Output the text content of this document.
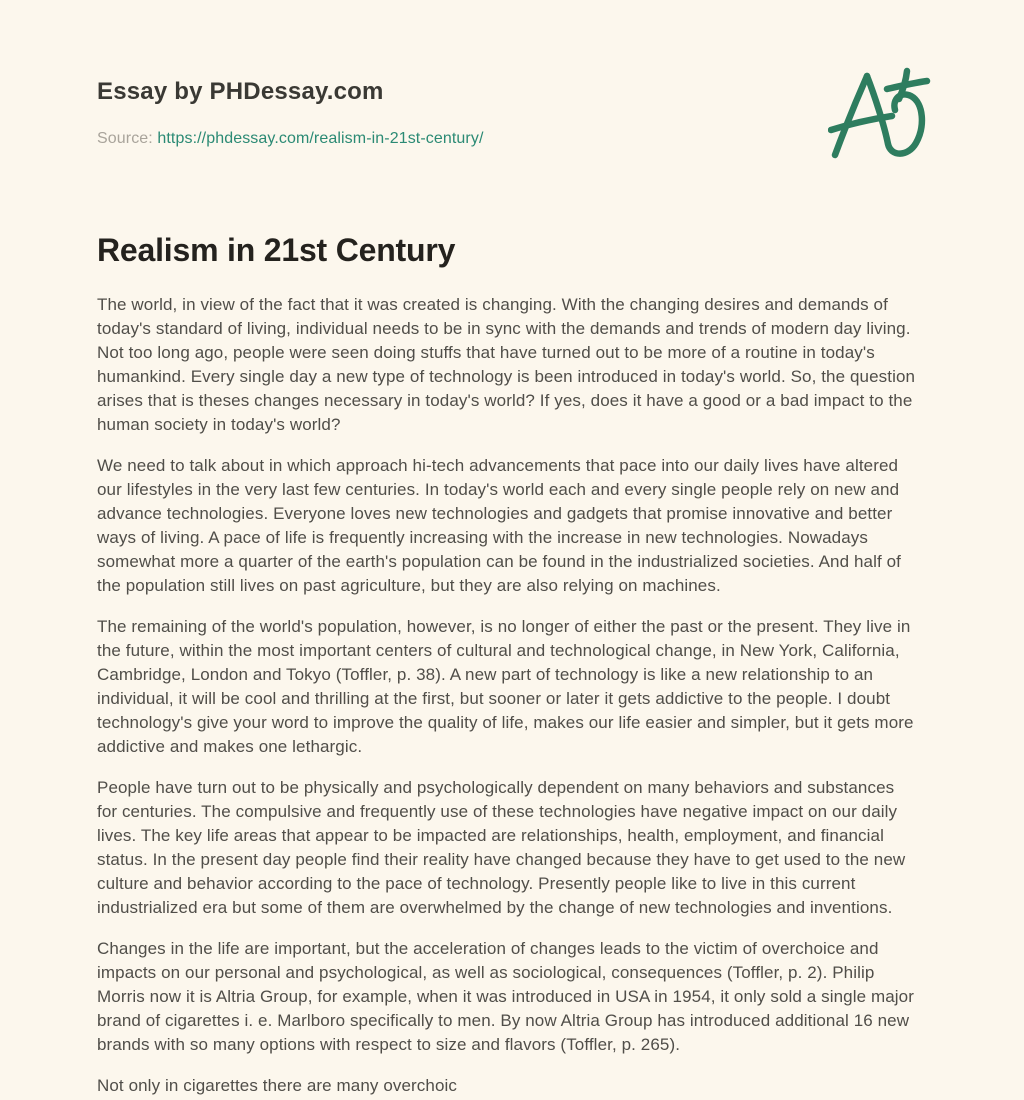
Essay by PHDessay.com
Source: https://phdessay.com/realism-in-21st-century/
Realism in 21st Century

The world, in view of the fact that it was created is changing. With the changing desires and demands of today's standard of living, individual needs to be in sync with the demands and trends of modern day living. Not too long ago, people were seen doing stuffs that have turned out to be more of a routine in today's humankind. Every single day a new type of technology is been introduced in today's world. So, the question arises that is theses changes necessary in today's world? If yes, does it have a good or a bad impact to the human society in today's world?

We need to talk about in which approach hi-tech advancements that pace into our daily lives have altered our lifestyles in the very last few centuries. In today's world each and every single people rely on new and advance technologies. Everyone loves new technologies and gadgets that promise innovative and better ways of living. A pace of life is frequently increasing with the increase in new technologies. Nowadays somewhat more a quarter of the earth's population can be found in the industrialized societies. And half of the population still lives on past agriculture, but they are also relying on machines.

The remaining of the world's population, however, is no longer of either the past or the present. They live in the future, within the most important centers of cultural and technological change, in New York, California, Cambridge, London and Tokyo (Toffler, p. 38). A new part of technology is like a new relationship to an individual, it will be cool and thrilling at the first, but sooner or later it gets addictive to the people. I doubt technology's give your word to improve the quality of life, makes our life easier and simpler, but it gets more addictive and makes one lethargic.

People have turn out to be physically and psychologically dependent on many behaviors and substances for centuries. The compulsive and frequently use of these technologies have negative impact on our daily lives. The key life areas that appear to be impacted are relationships, health, employment, and financial status. In the present day people find their reality have changed because they have to get used to the new culture and behavior according to the pace of technology. Presently people like to live in this current industrialized era but some of them are overwhelmed by the change of new technologies and inventions.

Changes in the life are important, but the acceleration of changes leads to the victim of overchoice and impacts on our personal and psychological, as well as sociological, consequences (Toffler, p. 2). Philip Morris now it is Altria Group, for example, when it was introduced in USA in 1954, it only sold a single major brand of cigarettes i. e. Marlboro specifically to men. By now Altria Group has introduced additional 16 new brands with so many options with respect to size and flavors (Toffler, p. 265).

Not only in cigarettes there are many overchoic
